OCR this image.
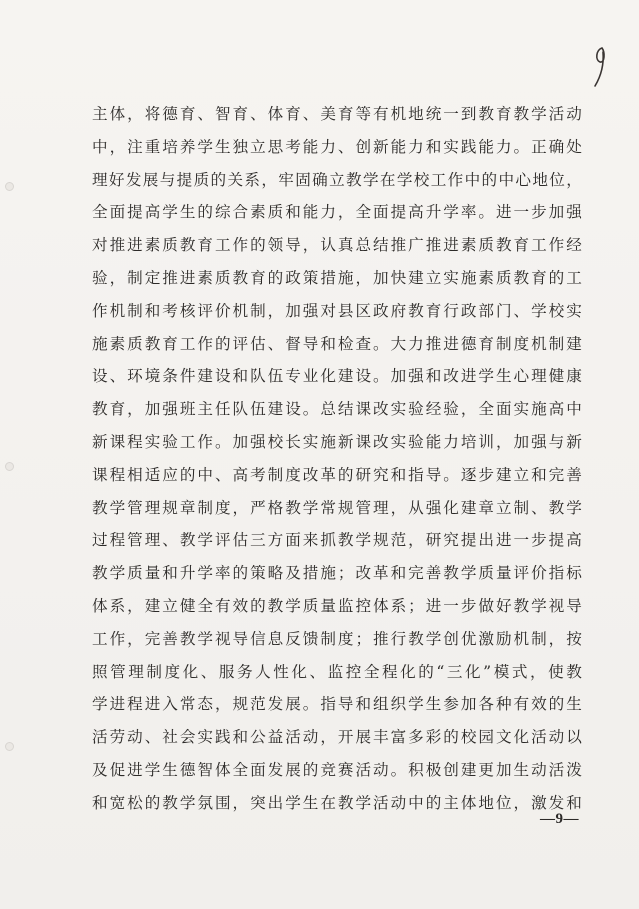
主体，将德育、智育、体育、美育等有机地统一到教育教学活动
中，注重培养学生独立思考能力、创新能力和实践能力。正确处
理好发展与提质的关系，牢固确立教学在学校工作中的中心地位，
全面提高学生的综合素质和能力，全面提高升学率。进一步加强
对推进素质教育工作的领导，认真总结推广推进素质教育工作经
验，制定推进素质教育的政策措施，加快建立实施素质教育的工
作机制和考核评价机制，加强对县区政府教育行政部门、学校实
施素质教育工作的评估、督导和检查。大力推进德育制度机制建
设、环境条件建设和队伍专业化建设。加强和改进学生心理健康
教育，加强班主任队伍建设。总结课改实验经验，全面实施高中
新课程实验工作。加强校长实施新课改实验能力培训，加强与新
课程相适应的中、高考制度改革的研究和指导。逐步建立和完善
教学管理规章制度，严格教学常规管理，从强化建章立制、教学
过程管理、教学评估三方面来抓教学规范，研究提出进一步提高
教学质量和升学率的策略及措施；改革和完善教学质量评价指标
体系，建立健全有效的教学质量监控体系；进一步做好教学视导
工作，完善教学视导信息反馈制度；推行教学创优激励机制，按
照管理制度化、服务人性化、监控全程化的“三化”模式，使教
学进程进入常态，规范发展。指导和组织学生参加各种有效的生
活劳动、社会实践和公益活动，开展丰富多彩的校园文化活动以
及促进学生德智体全面发展的竞赛活动。积极创建更加生动活泼
和宽松的教学氛围，突出学生在教学活动中的主体地位，激发和
—9—
